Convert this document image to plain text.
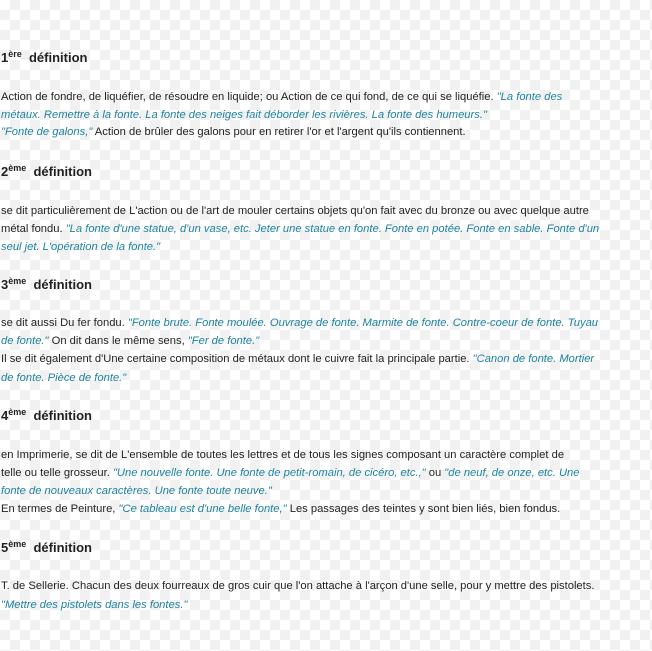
1ère définition
Action de fondre, de liquéfier, de résoudre en liquide; ou Action de ce qui fond, de ce qui se liquéfie. "La fonte des
métaux. Remettre à la fonte. La fonte des neiges fait déborder les rivières. La fonte des humeurs."
"Fonte de galons," Action de brûler des galons pour en retirer l'or et l'argent qu'ils contiennent.
2ème définition
se dit particulièrement de L'action ou de l'art de mouler certains objets qu'on fait avec du bronze ou avec quelque autre
métal fondu. "La fonte d'une statue, d'un vase, etc. Jeter une statue en fonte. Fonte en potée. Fonte en sable. Fonte d'un
seul jet. L'opération de la fonte."
3ème définition
se dit aussi Du fer fondu. "Fonte brute. Fonte moulée. Ouvrage de fonte. Marmite de fonte. Contre-coeur de fonte. Tuyau
de fonte." On dit dans le même sens, "Fer de fonte."
Il se dit également d'Une certaine composition de métaux dont le cuivre fait la principale partie. "Canon de fonte. Mortier
de fonte. Pièce de fonte."
4ème définition
en Imprimerie, se dit de L'ensemble de toutes les lettres et de tous les signes composant un caractère complet de
telle ou telle grosseur. "Une nouvelle fonte. Une fonte de petit-romain, de cicéro, etc.," ou "de neuf, de onze, etc. Une
fonte de nouveaux caractères. Une fonte toute neuve."
En termes de Peinture, "Ce tableau est d'une belle fonte," Les passages des teintes y sont bien liés, bien fondus.
5ème définition
T. de Sellerie. Chacun des deux fourreaux de gros cuir que l'on attache à l'arçon d'une selle, pour y mettre des pistolets.
"Mettre des pistolets dans les fontes."
